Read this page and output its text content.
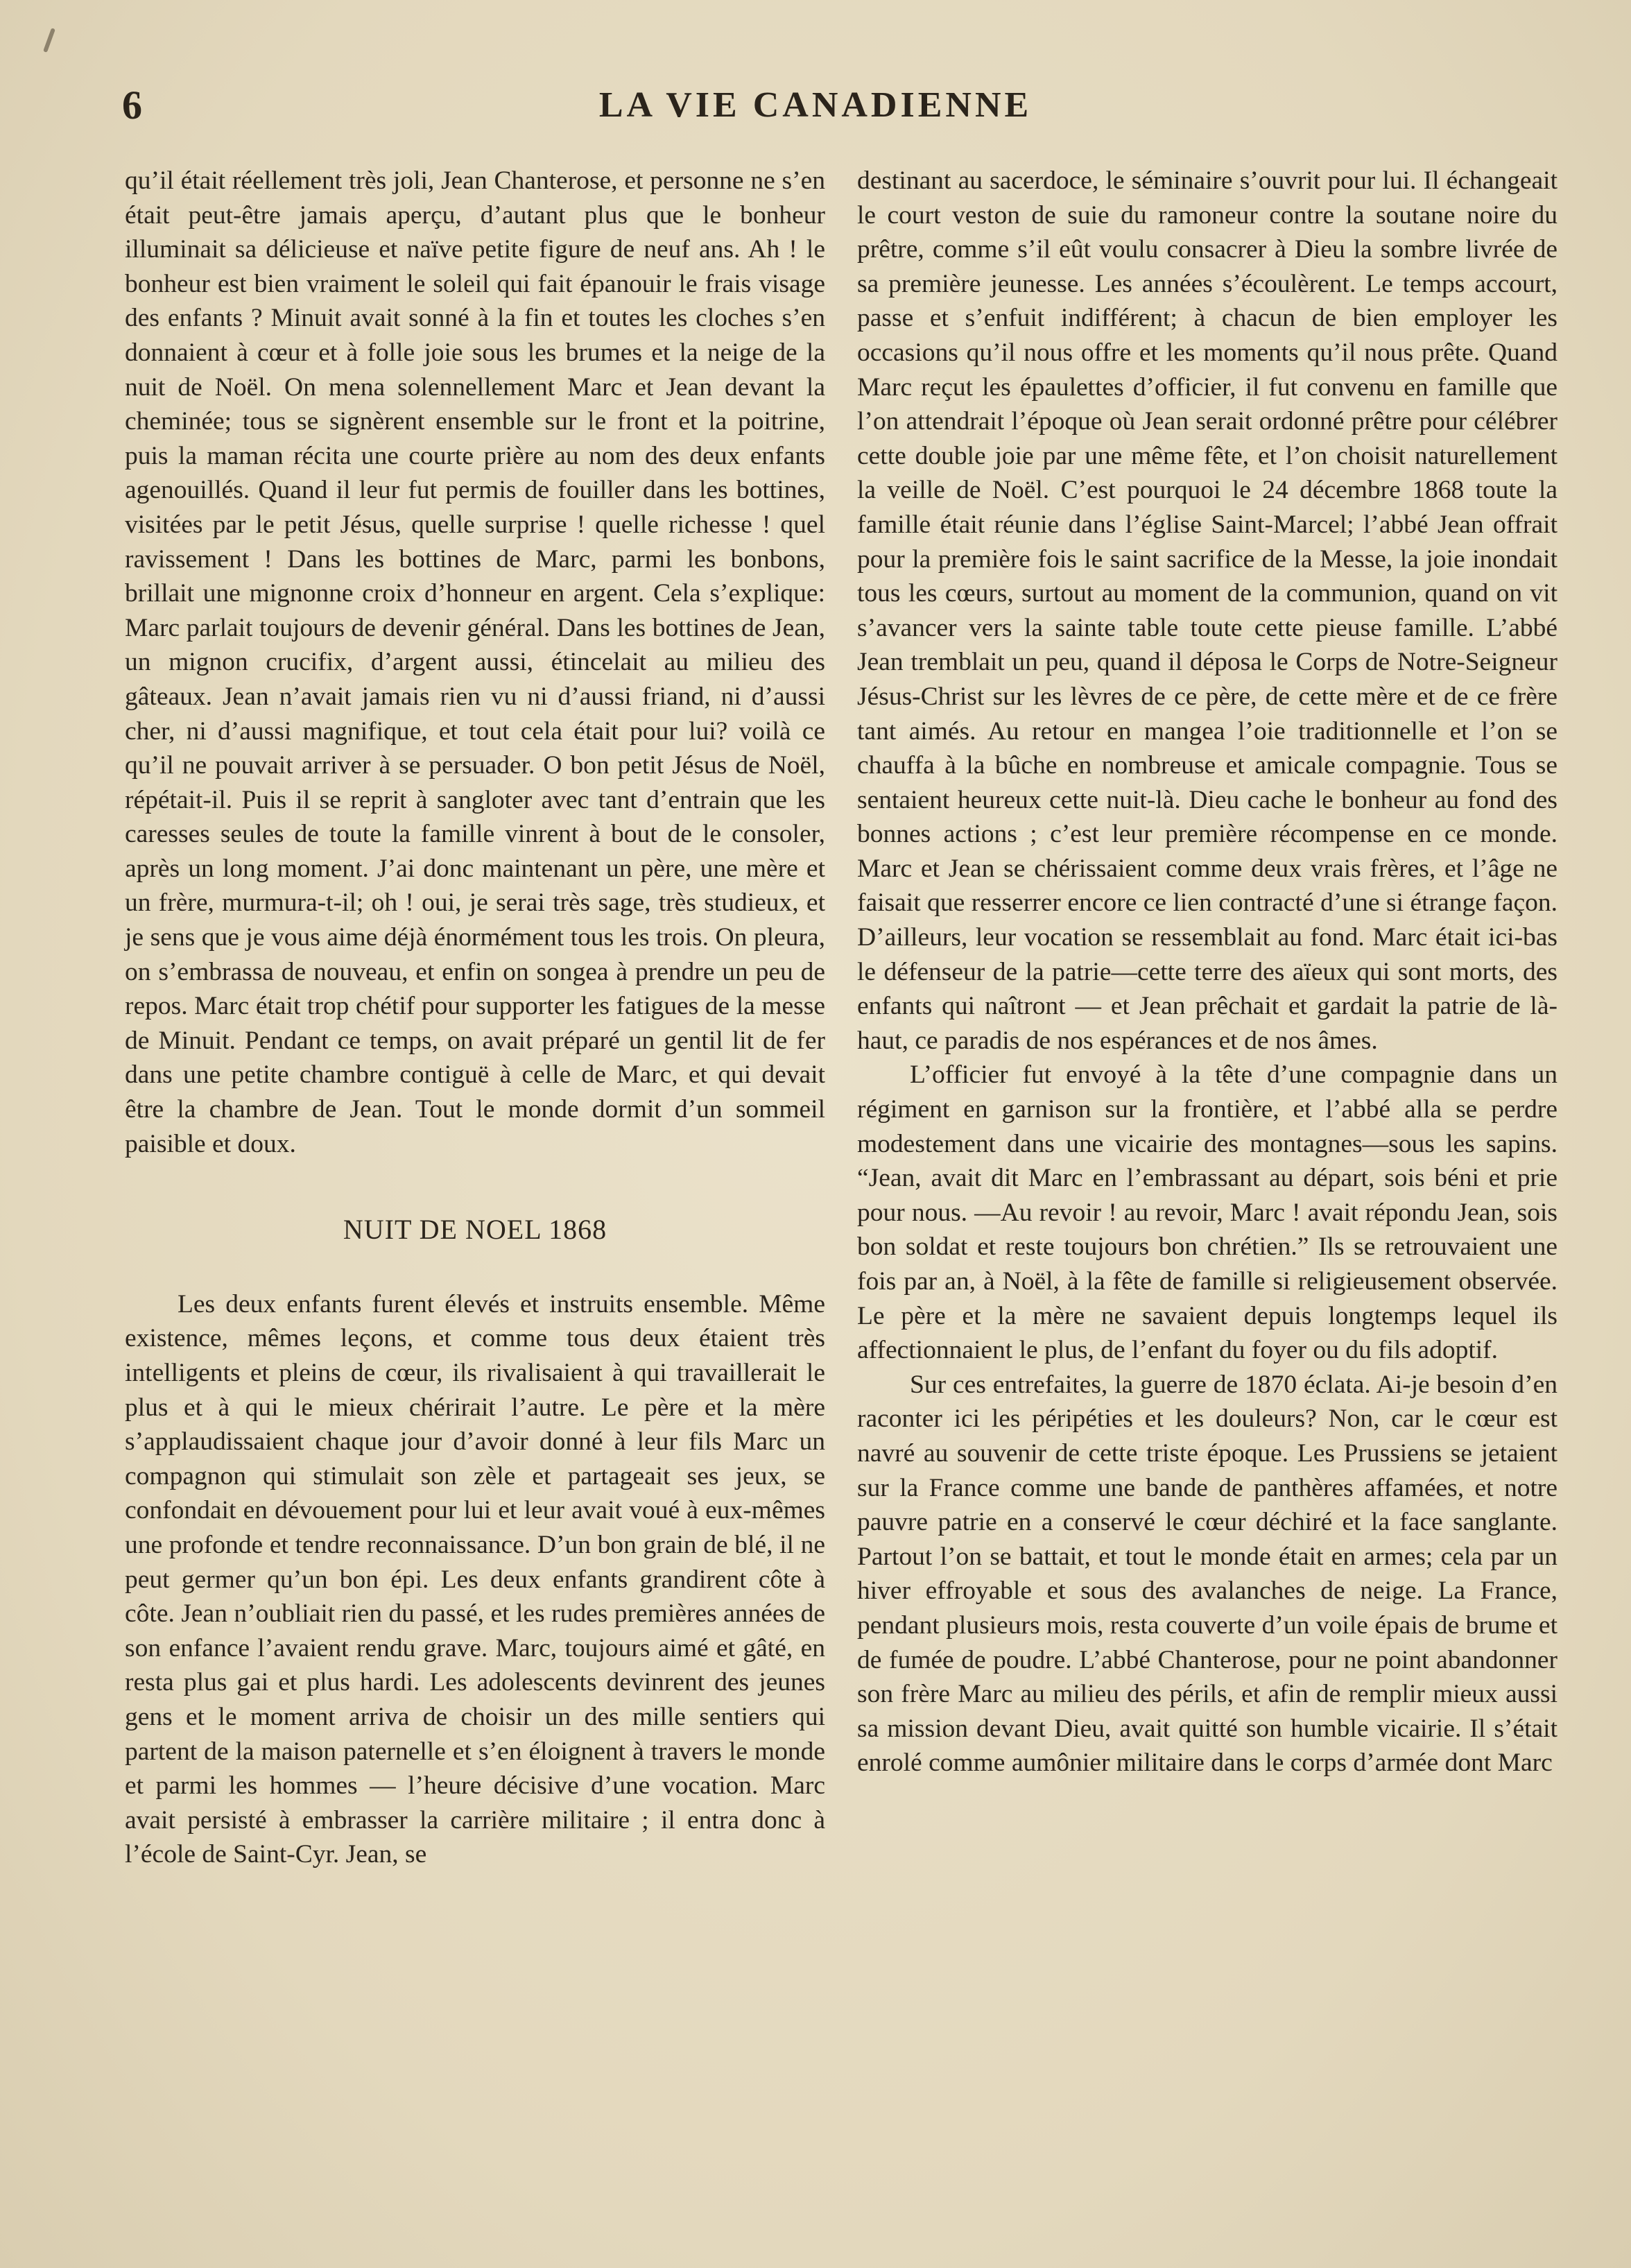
6	LA VIE CANADIENNE

qu’il était réellement très joli, Jean Chanterose, et personne ne s’en était peut-être jamais aperçu, d’autant plus que le bonheur illuminait sa délicieuse et naïve petite figure de neuf ans. Ah ! le bonheur est bien vraiment le soleil qui fait épanouir le frais visage des enfants ? Minuit avait sonné à la fin et toutes les cloches s’en donnaient à cœur et à folle joie sous les brumes et la neige de la nuit de Noël. On mena solennellement Marc et Jean devant la cheminée; tous se signèrent ensemble sur le front et la poitrine, puis la maman récita une courte prière au nom des deux enfants agenouillés. Quand il leur fut permis de fouiller dans les bottines, visitées par le petit Jésus, quelle surprise ! quelle richesse ! quel ravissement ! Dans les bottines de Marc, parmi les bonbons, brillait une mignonne croix d’honneur en argent. Cela s’explique: Marc parlait toujours de devenir général. Dans les bottines de Jean, un mignon crucifix, d’argent aussi, étincelait au milieu des gâteaux. Jean n’avait jamais rien vu ni d’aussi friand, ni d’aussi cher, ni d’aussi magnifique, et tout cela était pour lui? voilà ce qu’il ne pouvait arriver à se persuader. O bon petit Jésus de Noël, répétait-il. Puis il se reprit à sangloter avec tant d’entrain que les caresses seules de toute la famille vinrent à bout de le consoler, après un long moment. J’ai donc maintenant un père, une mère et un frère, murmura-t-il; oh ! oui, je serai très sage, très studieux, et je sens que je vous aime déjà énormément tous les trois. On pleura, on s’embrassa de nouveau, et enfin on songea à prendre un peu de repos. Marc était trop chétif pour supporter les fatigues de la messe de Minuit. Pendant ce temps, on avait préparé un gentil lit de fer dans une petite chambre contiguë à celle de Marc, et qui devait être la chambre de Jean. Tout le monde dormit d’un sommeil paisible et doux.

NUIT DE NOEL 1868

Les deux enfants furent élevés et instruits ensemble. Même existence, mêmes leçons, et comme tous deux étaient très intelligents et pleins de cœur, ils rivalisaient à qui travaillerait le plus et à qui le mieux chérirait l’autre. Le père et la mère s’applaudissaient chaque jour d’avoir donné à leur fils Marc un compagnon qui stimulait son zèle et partageait ses jeux, se confondait en dévouement pour lui et leur avait voué à eux-mêmes une profonde et tendre reconnaissance. D’un bon grain de blé, il ne peut germer qu’un bon épi. Les deux enfants grandirent côte à côte. Jean n’oubliait rien du passé, et les rudes premières années de son enfance l’avaient rendu grave. Marc, toujours aimé et gâté, en resta plus gai et plus hardi. Les adolescents devinrent des jeunes gens et le moment arriva de choisir un des mille sentiers qui partent de la maison paternelle et s’en éloignent à travers le monde et parmi les hommes — l’heure décisive d’une vocation. Marc avait persisté à embrasser la carrière militaire ; il entra donc à l’école de Saint-Cyr. Jean, se

destinant au sacerdoce, le séminaire s’ouvrit pour lui. Il échangeait le court veston de suie du ramoneur contre la soutane noire du prêtre, comme s’il eût voulu consacrer à Dieu la sombre livrée de sa première jeunesse. Les années s’écoulèrent. Le temps accourt, passe et s’enfuit indifférent; à chacun de bien employer les occasions qu’il nous offre et les moments qu’il nous prête. Quand Marc reçut les épaulettes d’officier, il fut convenu en famille que l’on attendrait l’époque où Jean serait ordonné prêtre pour célébrer cette double joie par une même fête, et l’on choisit naturellement la veille de Noël. C’est pourquoi le 24 décembre 1868 toute la famille était réunie dans l’église Saint-Marcel; l’abbé Jean offrait pour la première fois le saint sacrifice de la Messe, la joie inondait tous les cœurs, surtout au moment de la communion, quand on vit s’avancer vers la sainte table toute cette pieuse famille. L’abbé Jean tremblait un peu, quand il déposa le Corps de Notre-Seigneur Jésus-Christ sur les lèvres de ce père, de cette mère et de ce frère tant aimés. Au retour en mangea l’oie traditionnelle et l’on se chauffa à la bûche en nombreuse et amicale compagnie. Tous se sentaient heureux cette nuit-là. Dieu cache le bonheur au fond des bonnes actions ; c’est leur première récompense en ce monde. Marc et Jean se chérissaient comme deux vrais frères, et l’âge ne faisait que resserrer encore ce lien contracté d’une si étrange façon. D’ailleurs, leur vocation se ressemblait au fond. Marc était ici-bas le défenseur de la patrie—cette terre des aïeux qui sont morts, des enfants qui naîtront — et Jean prêchait et gardait la patrie de là-haut, ce paradis de nos espérances et de nos âmes.

L’officier fut envoyé à la tête d’une compagnie dans un régiment en garnison sur la frontière, et l’abbé alla se perdre modestement dans une vicairie des montagnes—sous les sapins. “Jean, avait dit Marc en l’embrassant au départ, sois béni et prie pour nous. —Au revoir ! au revoir, Marc ! avait répondu Jean, sois bon soldat et reste toujours bon chrétien.” Ils se retrouvaient une fois par an, à Noël, à la fête de famille si religieusement observée. Le père et la mère ne savaient depuis longtemps lequel ils affectionnaient le plus, de l’enfant du foyer ou du fils adoptif.

Sur ces entrefaites, la guerre de 1870 éclata. Ai-je besoin d’en raconter ici les péripéties et les douleurs? Non, car le cœur est navré au souvenir de cette triste époque. Les Prussiens se jetaient sur la France comme une bande de panthères affamées, et notre pauvre patrie en a conservé le cœur déchiré et la face sanglante. Partout l’on se battait, et tout le monde était en armes; cela par un hiver effroyable et sous des avalanches de neige. La France, pendant plusieurs mois, resta couverte d’un voile épais de brume et de fumée de poudre. L’abbé Chanterose, pour ne point abandonner son frère Marc au milieu des périls, et afin de remplir mieux aussi sa mission devant Dieu, avait quitté son humble vicairie. Il s’était enrolé comme aumônier militaire dans le corps d’armée dont Marc
